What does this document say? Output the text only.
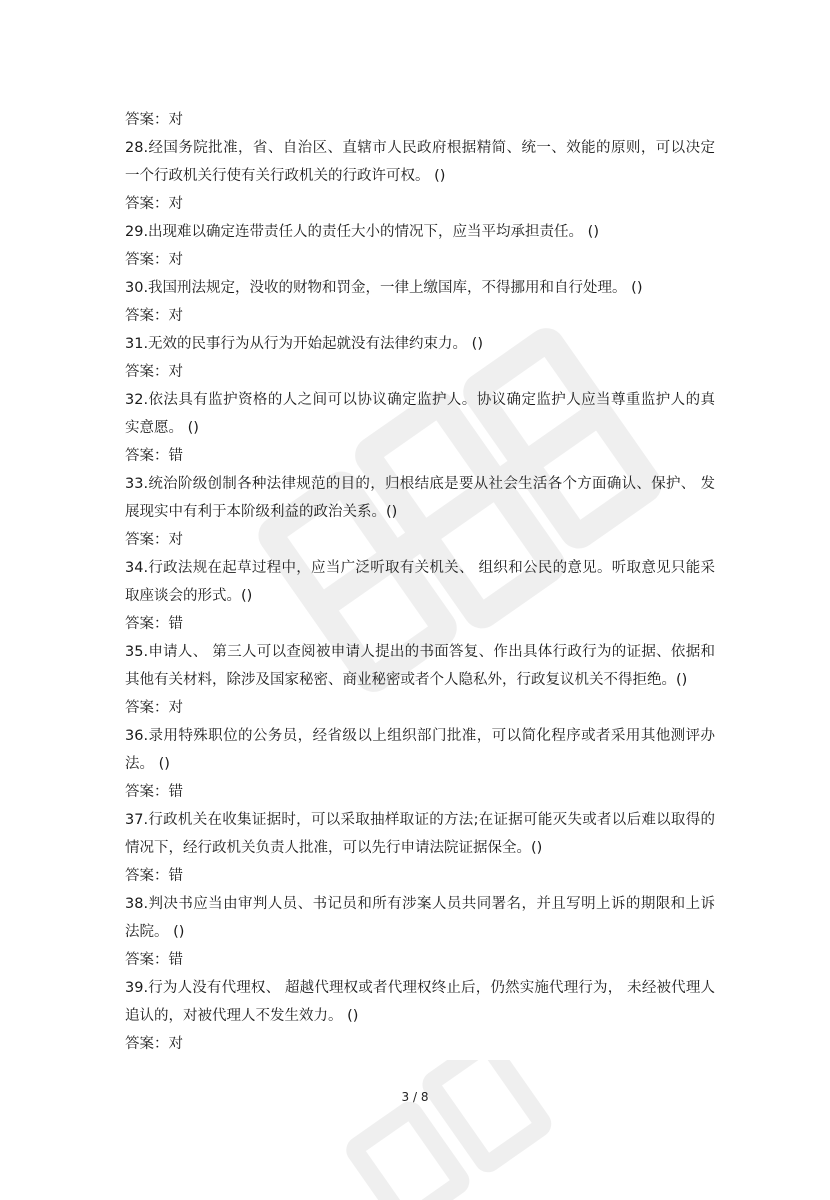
答案：对
28.经国务院批准，省、自治区、直辖市人民政府根据精简、统一、效能的原则，可以决定
一个行政机关行使有关行政机关的行政许可权。 ()
答案：对
29.出现难以确定连带责任人的责任大小的情况下，应当平均承担责任。 ()
答案：对
30.我国刑法规定，没收的财物和罚金，一律上缴国库，不得挪用和自行处理。 ()
答案：对
31.无效的民事行为从行为开始起就没有法律约束力。 ()
答案：对
32.依法具有监护资格的人之间可以协议确定监护人。协议确定监护人应当尊重监护人的真
实意愿。 ()
答案：错
33.统治阶级创制各种法律规范的目的，归根结底是要从社会生活各个方面确认、保护、 发
展现实中有利于本阶级利益的政治关系。()
答案：对
34.行政法规在起草过程中，应当广泛听取有关机关、 组织和公民的意见。听取意见只能采
取座谈会的形式。()
答案：错
35.申请人、 第三人可以查阅被申请人提出的书面答复、作出具体行政行为的证据、依据和
其他有关材料，除涉及国家秘密、商业秘密或者个人隐私外，行政复议机关不得拒绝。()
答案：对
36.录用特殊职位的公务员，经省级以上组织部门批准，可以简化程序或者采用其他测评办
法。 ()
答案：错
37.行政机关在收集证据时，可以采取抽样取证的方法;在证据可能灭失或者以后难以取得的
情况下，经行政机关负责人批准，可以先行申请法院证据保全。()
答案：错
38.判决书应当由审判人员、书记员和所有涉案人员共同署名，并且写明上诉的期限和上诉
法院。 ()
答案：错
39.行为人没有代理权、 超越代理权或者代理权终止后，仍然实施代理行为， 未经被代理人
追认的，对被代理人不发生效力。 ()
答案：对
3 / 8
